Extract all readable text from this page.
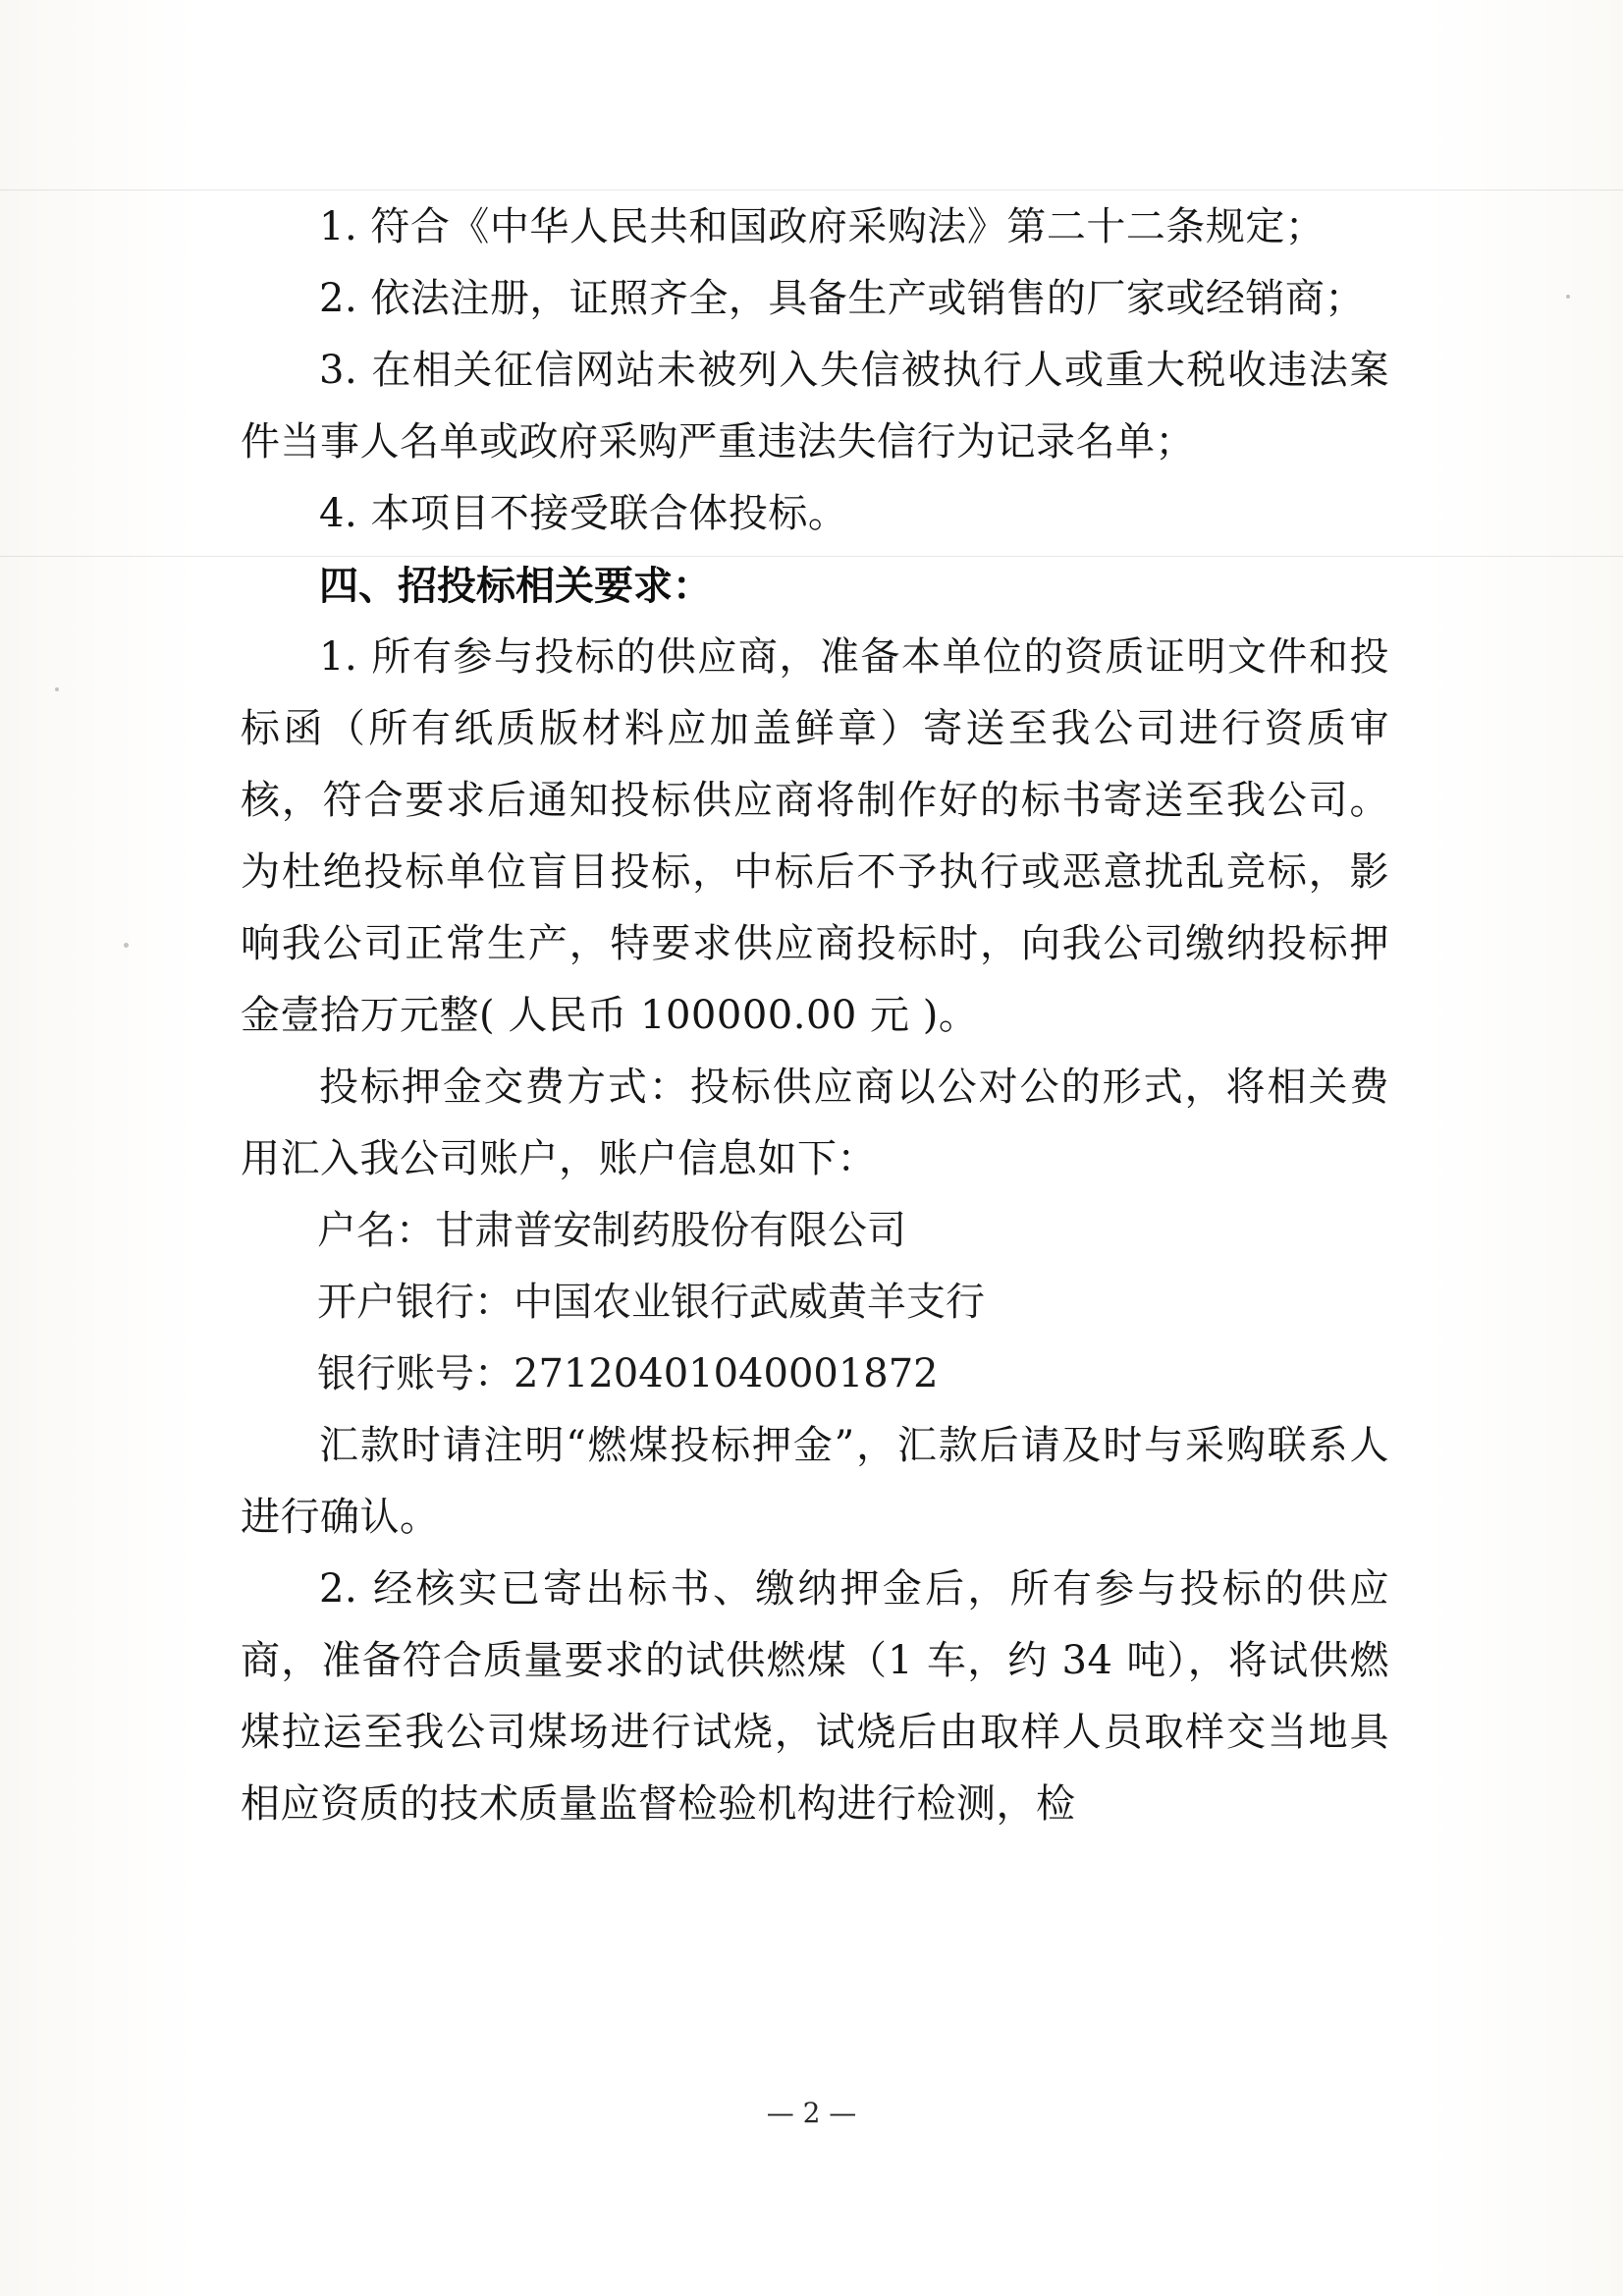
1. 符合《中华人民共和国政府采购法》第二十二条规定；

2. 依法注册，证照齐全，具备生产或销售的厂家或经销商；

3. 在相关征信网站未被列入失信被执行人或重大税收违法案件当事人名单或政府采购严重违法失信行为记录名单；

4. 本项目不接受联合体投标。

四、招投标相关要求：

1. 所有参与投标的供应商，准备本单位的资质证明文件和投标函（所有纸质版材料应加盖鲜章）寄送至我公司进行资质审核，符合要求后通知投标供应商将制作好的标书寄送至我公司。为杜绝投标单位盲目投标，中标后不予执行或恶意扰乱竞标，影响我公司正常生产，特要求供应商投标时，向我公司缴纳投标押金壹拾万元整( 人民币 100000.00 元 )。

投标押金交费方式：投标供应商以公对公的形式，将相关费用汇入我公司账户，账户信息如下：

户名：甘肃普安制药股份有限公司

开户银行：中国农业银行武威黄羊支行

银行账号：27120401040001872

汇款时请注明“燃煤投标押金”，汇款后请及时与采购联系人进行确认。

2. 经核实已寄出标书、缴纳押金后，所有参与投标的供应商，准备符合质量要求的试供燃煤（1 车，约 34 吨），将试供燃煤拉运至我公司煤场进行试烧，试烧后由取样人员取样交当地具相应资质的技术质量监督检验机构进行检测，检

— 2 —
